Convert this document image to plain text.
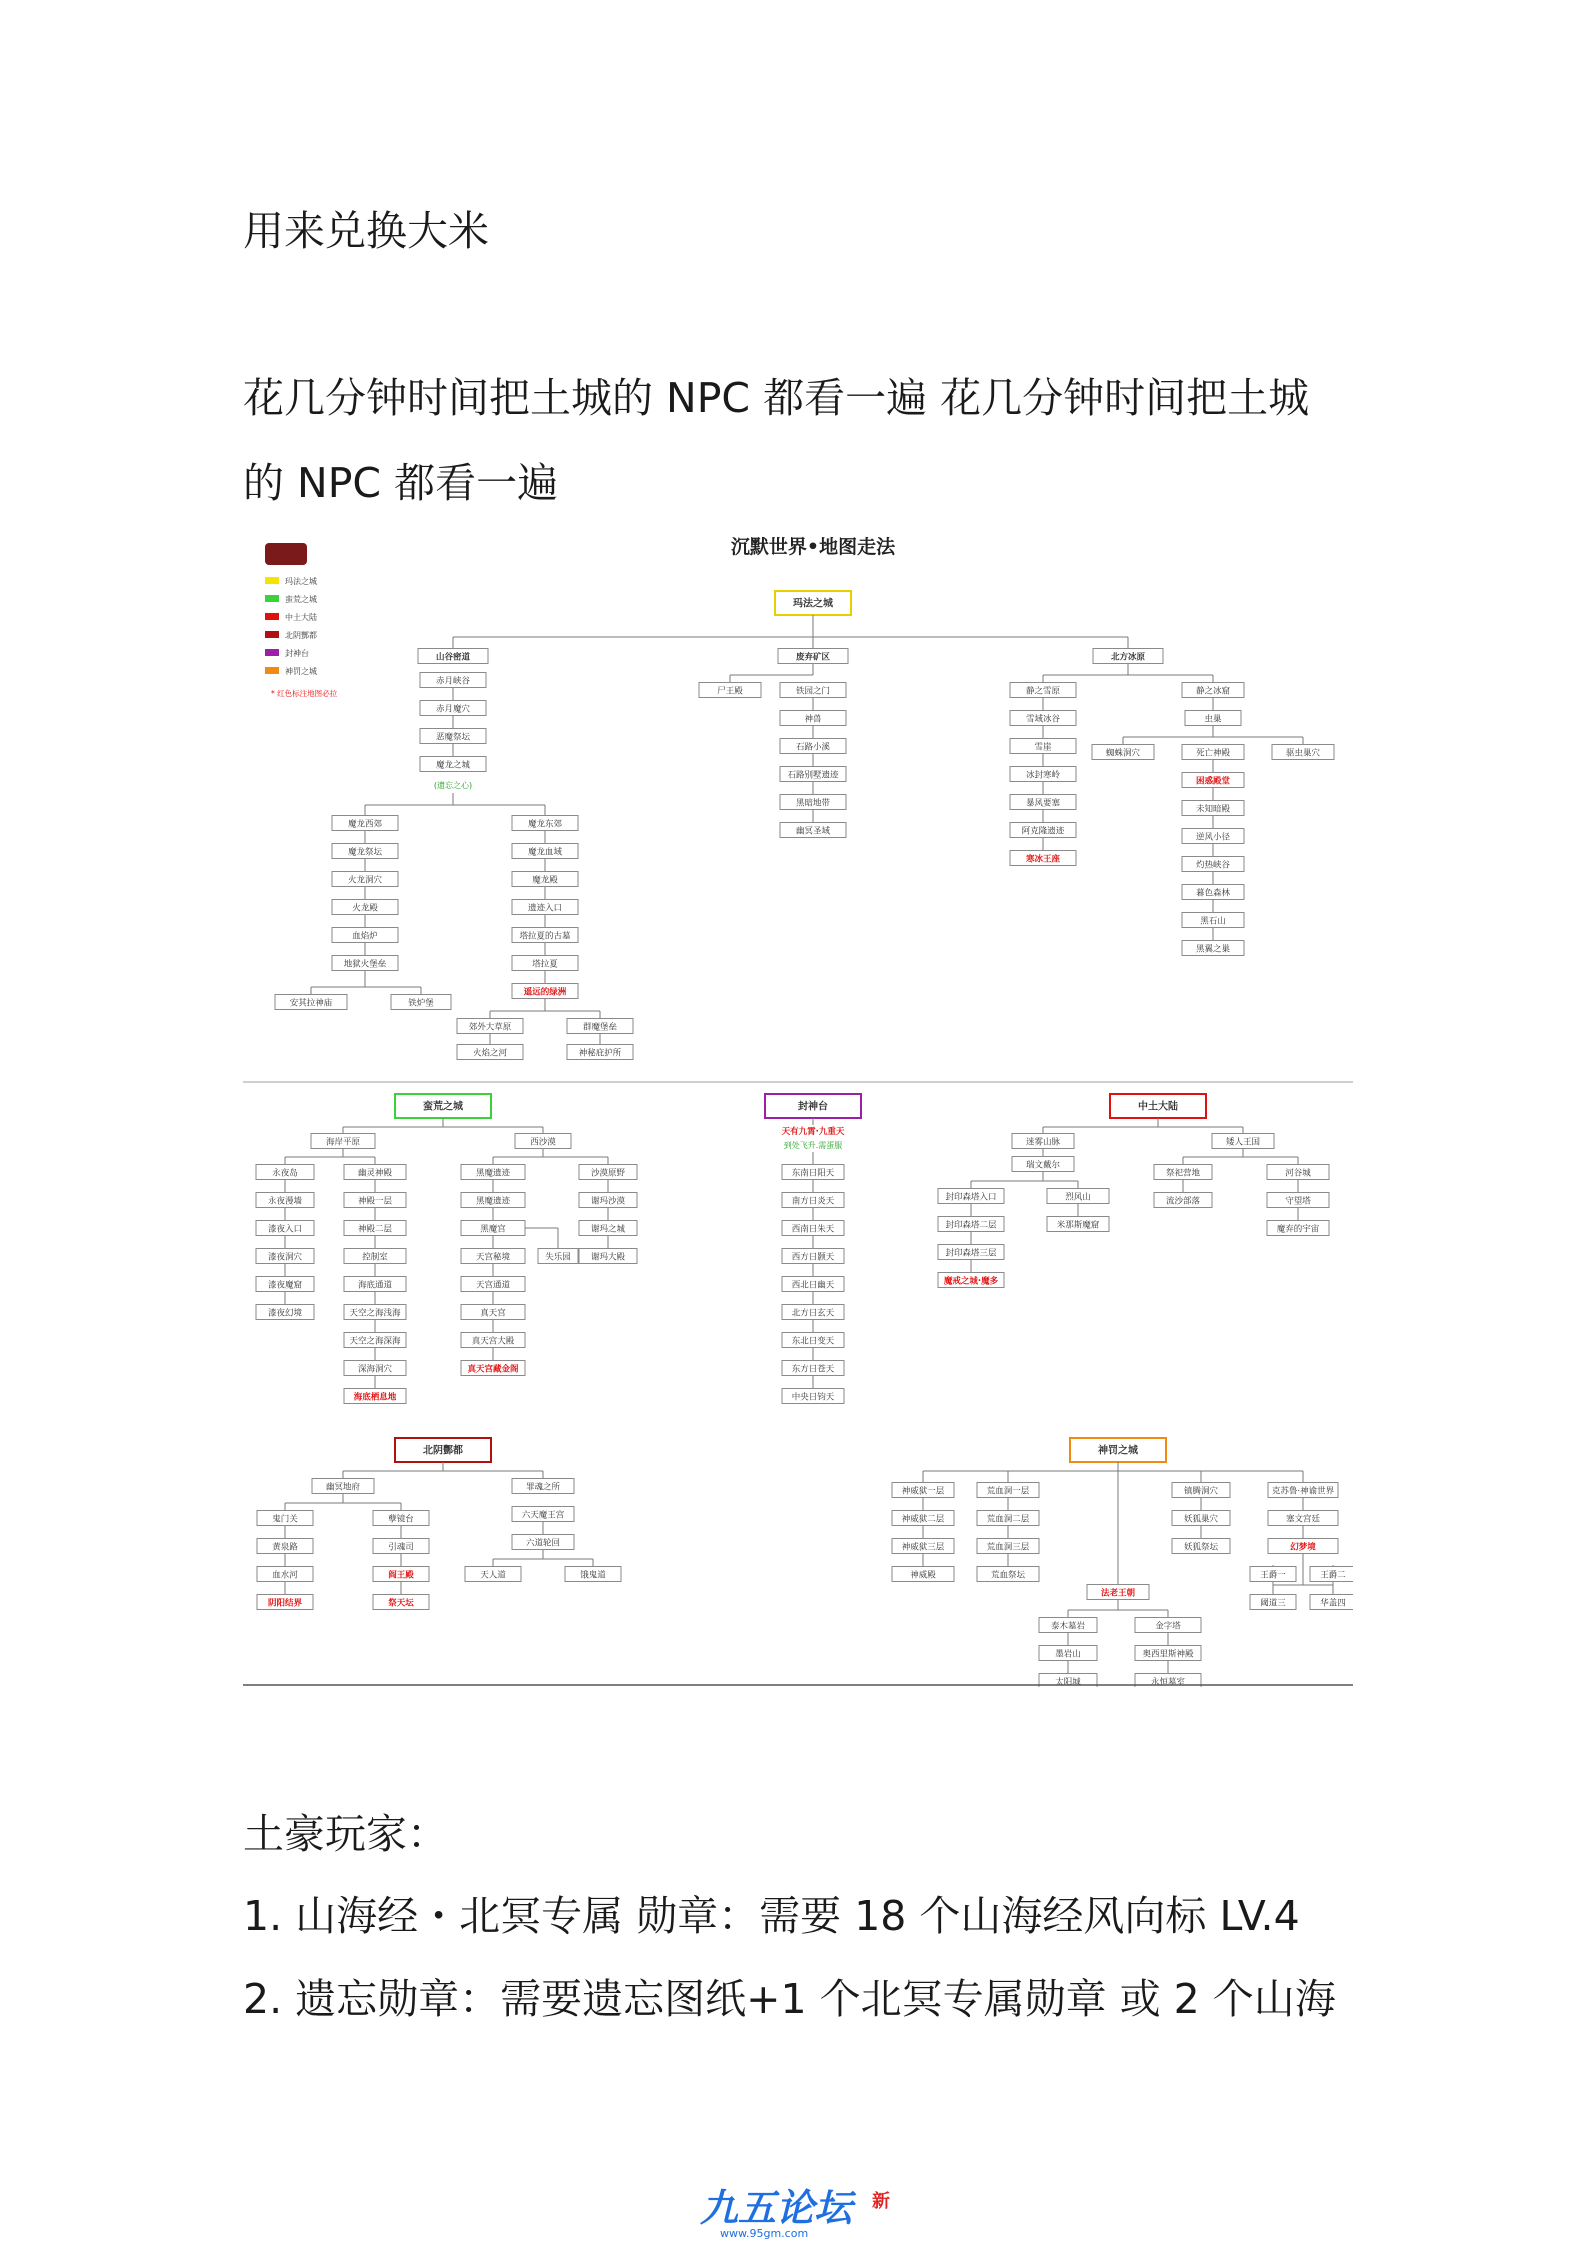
用来兑换大米
花几分钟时间把土城的 NPC 都看一遍 花几分钟时间把土城
的 NPC 都看一遍
沉默世界•地图走法
玛法之城
蛮荒之城
中土大陆
北阴酆都
封神台
神罚之城
* 红色标注地图必拉
玛法之城
山谷密道
赤月峡谷
赤月魔穴
恶魔祭坛
魔龙之城
(遗忘之心)
魔龙西郊
魔龙祭坛
火龙洞穴
火龙殿
血焰炉
地狱火堡垒
魔龙东郊
魔龙血域
魔龙殿
遗迹入口
塔拉夏的古墓
塔拉夏
遥远的绿洲
安其拉神庙	铁炉堡
郊外大草原	群魔堡垒
火焰之河	神秘庇护所
废弃矿区
尸王殿	铁园之门
神兽
石路小溪
石路别墅遗迹
黑暗地带
幽冥圣域
北方冰原
静之雪原
雪域冰谷
雪崖
冰封寒岭
暴风要塞
阿克隆遗迹
寒冰王座
静之冰窟
虫巢
蜘蛛洞穴	驱虫巢穴
死亡神殿
困惑殿堂
未知暗殿
逆风小径
灼热峡谷
暮色森林
黑石山
黑翼之巢
蛮荒之城
海岸平原
永夜岛
永夜漫墙
漆夜入口
漆夜洞穴
漆夜魔窟
漆夜幻境
幽灵神殿
神殿一层
神殿二层
控制室
海底通道
天空之海浅海
天空之海深海
深海洞穴
海底栖息地
西沙漠
黑魔遗迹
黑魔遗迹
黑魔宫
天宫秘境
天宫通道
真天宫
真天宫大殿
真天宫藏金阁
失乐园
沙漠原野
谢玛沙漠
谢玛之城
谢玛大殿
封神台
天有九霄·九重天
到处飞升.需蛋服
东南日阳天
南方日炎天
西南日朱天
西方日颢天
西北日幽天
北方日玄天
东北日变天
东方日苍天
中央日钧天
中土大陆
迷雾山脉
瑞文戴尔
封印森塔入口
封印森塔二层
封印森塔三层
魔戒之城·魔多
烈风山
米那斯魔窟
矮人王国
祭祀营地
流沙部落
河谷城
守望塔
魔弃的宇宙
北阴酆都
幽冥地府
鬼门关
黄泉路
血水河
阴阳结界
孽镜台
引魂司
阎王殿
祭天坛
罪魂之所
六天魔王宫
六道轮回
天人道	饿鬼道
神罚之城
神威狱一层
神威狱二层
神威狱三层
神威殿
荒血洞一层
荒血洞二层
荒血洞三层
荒血祭坛
法老王朝
泰木墓岩
墨岩山
太阳城
金字塔
奥西里斯神殿
永恒墓室
镇腾洞穴
妖狐巢穴
妖狐祭坛
克苏鲁·神谕世界
塞文宫廷
幻梦境
王爵一	王爵二
阈道三	华盖四
土豪玩家：
1. 山海经・北冥专属 勋章：需要 18 个山海经风向标 LV.4
2. 遗忘勋章：需要遗忘图纸+1 个北冥专属勋章 或 2 个山海
九五论坛
www.95gm.com
新
